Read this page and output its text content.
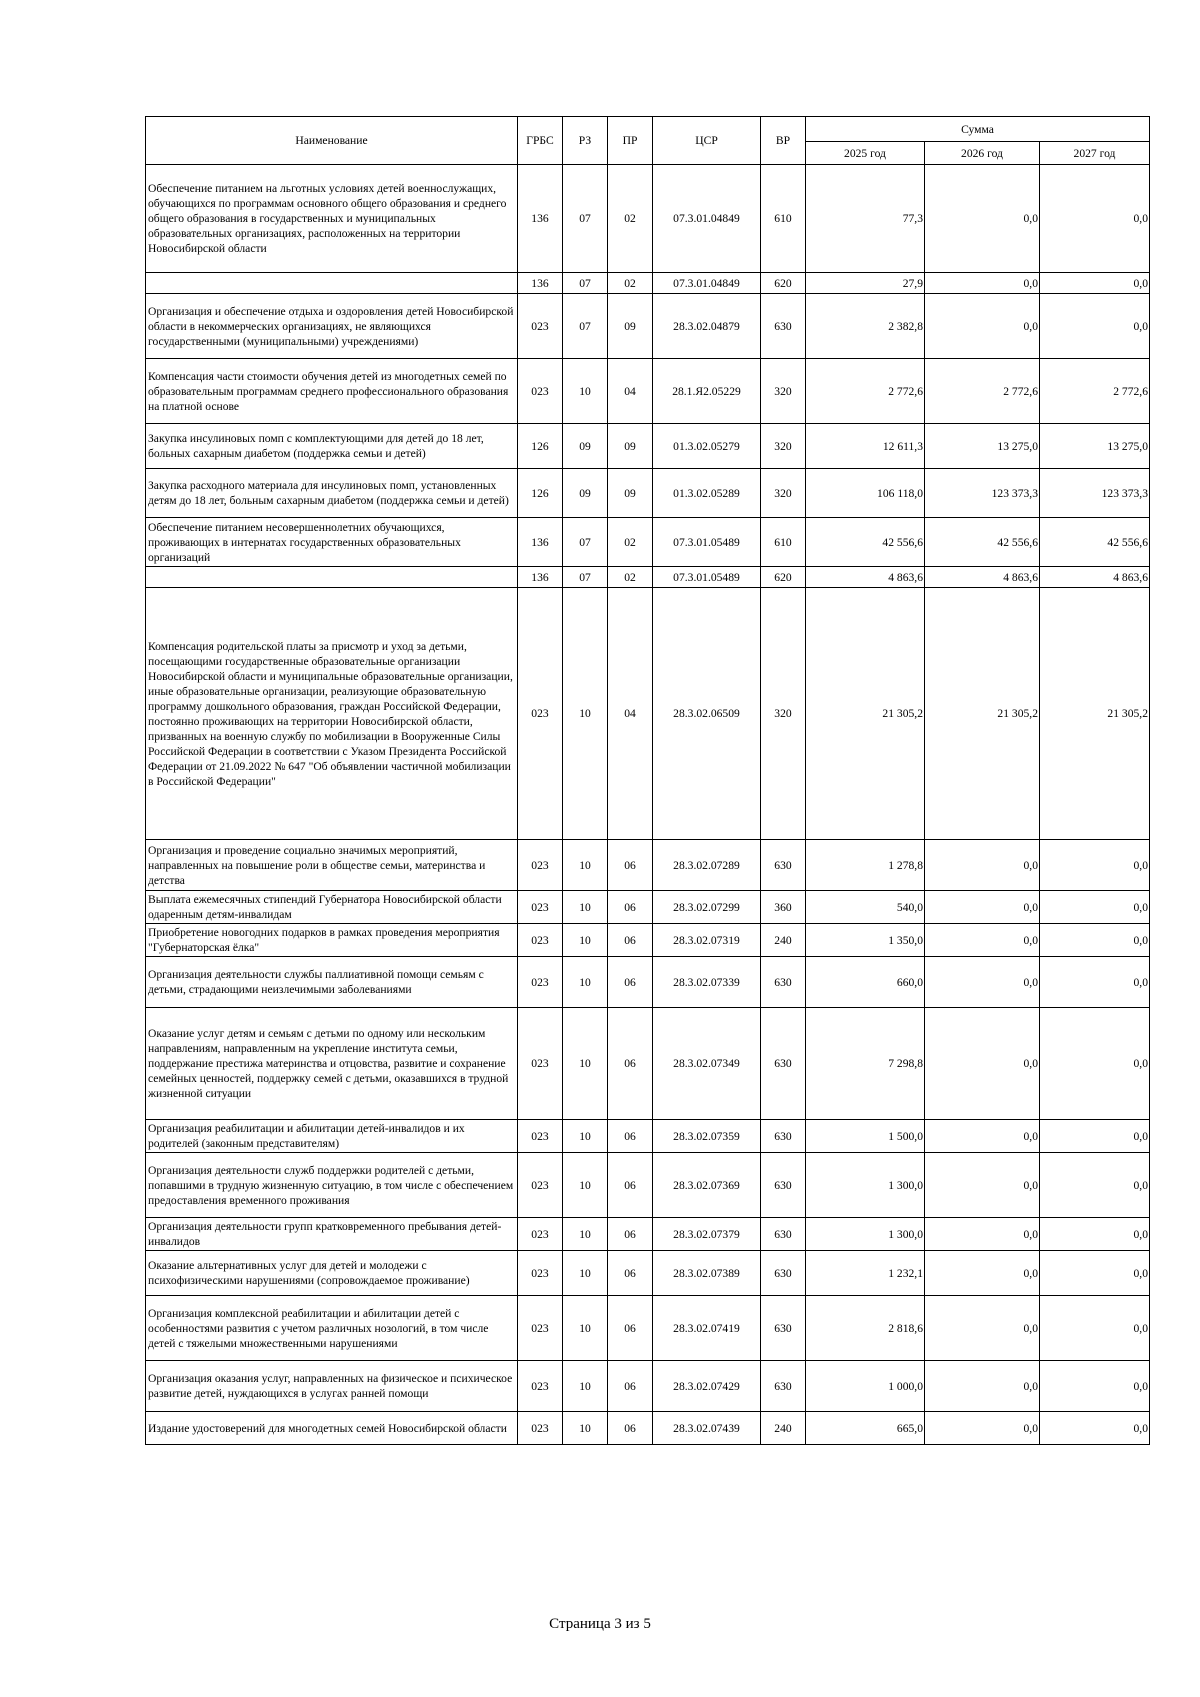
Наименование	ГРБС	РЗ	ПР	ЦСР	ВР	Сумма		
						2025 год	2026 год	2027 год
Обеспечение питанием на льготных условиях детей военнослужащих, обучающихся по программам основного общего образования и среднего общего образования в государственных и муниципальных образовательных организациях, расположенных на территории Новосибирской области	136	07	02	07.3.01.04849	610	77,3	0,0	0,0
	136	07	02	07.3.01.04849	620	27,9	0,0	0,0
Организация и обеспечение отдыха и оздоровления детей Новосибирской области в некоммерческих организациях, не являющихся государственными (муниципальными) учреждениями)	023	07	09	28.3.02.04879	630	2 382,8	0,0	0,0
Компенсация части стоимости обучения детей из многодетных семей по образовательным программам среднего профессионального образования на платной основе	023	10	04	28.1.Я2.05229	320	2 772,6	2 772,6	2 772,6
Закупка инсулиновых помп с комплектующими для детей до 18 лет, больных сахарным диабетом (поддержка семьи и детей)	126	09	09	01.3.02.05279	320	12 611,3	13 275,0	13 275,0
Закупка расходного материала для инсулиновых помп, установленных детям до 18 лет, больным сахарным диабетом (поддержка семьи и детей)	126	09	09	01.3.02.05289	320	106 118,0	123 373,3	123 373,3
Обеспечение питанием несовершеннолетних обучающихся, проживающих в интернатах государственных образовательных организаций	136	07	02	07.3.01.05489	610	42 556,6	42 556,6	42 556,6
	136	07	02	07.3.01.05489	620	4 863,6	4 863,6	4 863,6
Компенсация родительской платы за присмотр и уход за детьми, посещающими государственные образовательные организации Новосибирской области и муниципальные образовательные организации, иные образовательные организации, реализующие образовательную программу дошкольного образования, граждан Российской Федерации, постоянно проживающих на территории Новосибирской области, призванных на военную службу по мобилизации в Вооруженные Силы Российской Федерации в соответствии с Указом Президента Российской Федерации от 21.09.2022 № 647 "Об объявлении частичной мобилизации в Российской Федерации"	023	10	04	28.3.02.06509	320	21 305,2	21 305,2	21 305,2
Организация и проведение социально значимых мероприятий, направленных на повышение роли в обществе семьи, материнства и детства	023	10	06	28.3.02.07289	630	1 278,8	0,0	0,0
Выплата ежемесячных стипендий Губернатора Новосибирской области одаренным детям-инвалидам	023	10	06	28.3.02.07299	360	540,0	0,0	0,0
Приобретение новогодних подарков в рамках проведения мероприятия "Губернаторская ёлка"	023	10	06	28.3.02.07319	240	1 350,0	0,0	0,0
Организация деятельности службы паллиативной помощи семьям с детьми, страдающими неизлечимыми заболеваниями	023	10	06	28.3.02.07339	630	660,0	0,0	0,0
Оказание услуг детям и семьям с детьми по одному или нескольким направлениям, направленным на укрепление института семьи, поддержание престижа материнства и отцовства, развитие и сохранение семейных ценностей, поддержку семей с детьми, оказавшихся в трудной жизненной ситуации	023	10	06	28.3.02.07349	630	7 298,8	0,0	0,0
Организация реабилитации и абилитации детей-инвалидов и их родителей (законным представителям)	023	10	06	28.3.02.07359	630	1 500,0	0,0	0,0
Организация деятельности служб поддержки родителей с детьми, попавшими в трудную жизненную ситуацию, в том числе с обеспечением предоставления временного проживания	023	10	06	28.3.02.07369	630	1 300,0	0,0	0,0
Организация деятельности групп кратковременного пребывания детей-инвалидов	023	10	06	28.3.02.07379	630	1 300,0	0,0	0,0
Оказание альтернативных услуг для детей и молодежи с психофизическими нарушениями (сопровождаемое проживание)	023	10	06	28.3.02.07389	630	1 232,1	0,0	0,0
Организация комплексной реабилитации и абилитации детей с особенностями развития с учетом различных нозологий, в том числе детей с тяжелыми множественными нарушениями	023	10	06	28.3.02.07419	630	2 818,6	0,0	0,0
Организация оказания услуг, направленных на физическое и психическое развитие детей, нуждающихся в услугах ранней помощи	023	10	06	28.3.02.07429	630	1 000,0	0,0	0,0
Издание удостоверений для многодетных семей Новосибирской области	023	10	06	28.3.02.07439	240	665,0	0,0	0,0
Страница 3 из 5
